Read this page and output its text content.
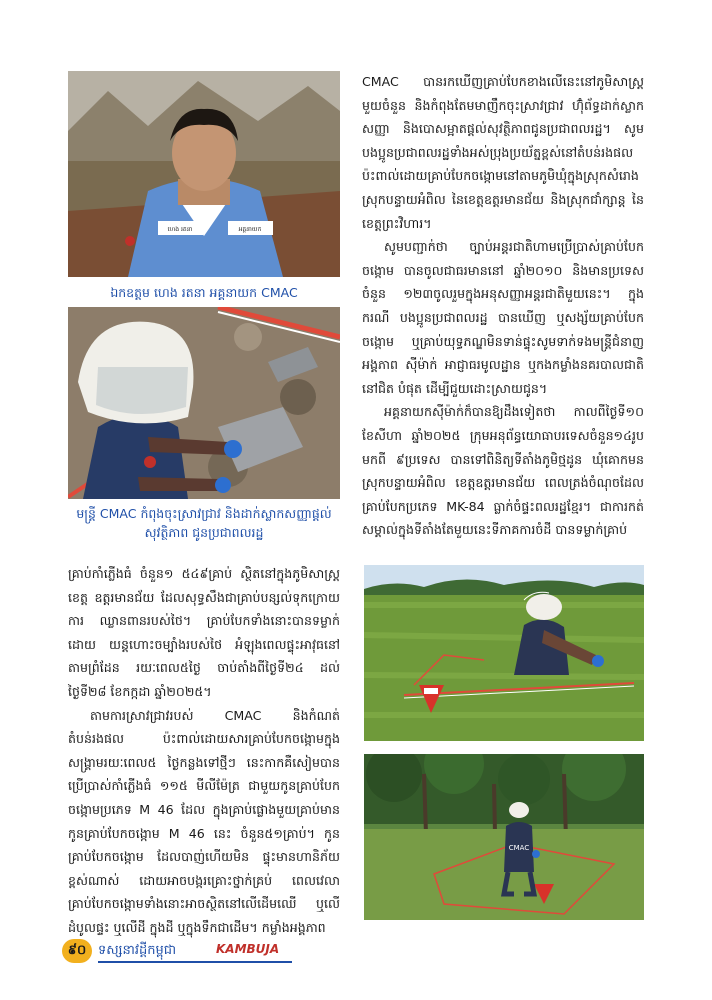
ហេង រតនា	អគ្គនាយក
ឯកឧត្តម ហេង រតនា អគ្គនាយក CMAC
មន្ត្រី CMAC កំពុងចុះស្រាវជ្រាវ និងដាក់ស្លាកសញ្ញាផ្តល់
សុវត្ថិភាព ជូនប្រជាពលរដ្ឋ

CMAC បានរកឃើញគ្រាប់បែកខាងលើនេះនៅភូមិសាស្ត្រ មួយចំនួន និងកំពុងតែមមាញឹកចុះស្រាវជ្រាវ ហ៊ុំព័ទ្ធដាក់ស្លាក សញ្ញា និងបោសម្អាតផ្តល់សុវត្ថិភាពជូនប្រជាពលរដ្ឋ។ សូម បងប្អូនប្រជាពលរដ្ឋទាំងអស់ប្រុងប្រយ័ត្នខ្ពស់នៅតំបន់រងផល ប៉ះពាល់ដោយគ្រាប់បែកចង្កោមនៅតាមភូមិឃុំក្នុងស្រុកសំរោង ស្រុកបន្ទាយអំពិល នៃខេត្តឧត្តរមានជ័យ និងស្រុកជាំក្សាន្ត នៃខេត្តព្រះវិហារ។

សូមបញ្ជាក់ថា ច្បាប់អន្តរជាតិហាមប្រើប្រាស់គ្រាប់បែក ចង្កោម បានចូលជាធរមាននៅ ឆ្នាំ២០១០ និងមានប្រទេស ចំនួន ១២៣ចូលរួមក្នុងអនុសញ្ញាអន្តរជាតិមួយនេះ។ ក្នុងករណី បងប្អូនប្រជាពលរដ្ឋ បានឃើញ ឬសង្ស័យគ្រាប់បែកចង្កោម ឬគ្រាប់យុទ្ធភណ្ឌមិនទាន់ផ្ទុះសូមទាក់ទងមន្ត្រីជំនាញអង្គភាព ស៊ីម៉ាក់ អាជ្ញាធរមូលដ្ឋាន ឬកងកម្លាំងនគរបាលជាតិនៅជិត បំផុត ដើម្បីជួយដោះស្រាយជូន។

អគ្គនាយកស៊ីម៉ាក់ក៏បានឱ្យដឹងទៀតថា កាលពីថ្ងៃទី១០ ខែសីហា ឆ្នាំ២០២៥ ក្រុមអនុព័ន្ធយោធាបរទេសចំនួន១៤រូប មកពី ៩ប្រទេស បានទៅពិនិត្យទីតាំងភូមិថ្មដូន ឃុំគោកមន ស្រុកបន្ទាយអំពិល ខេត្តឧត្តរមានជ័យ ពេលត្រង់ចំណុចដែល គ្រាប់បែកប្រភេទ MK-84 ធ្លាក់ចំផ្ទះពលរដ្ឋខ្មែរ។ ជាការកត់ សម្គាល់ក្នុងទីតាំងតែមួយនេះទីភាគការចំដី បានទម្លាក់គ្រាប់

CMAC

គ្រាប់កាំភ្លើងធំ ចំនួន១ ៥៤៩គ្រាប់ ស្ថិតនៅក្នុងភូមិសាស្ត្រខេត្ត ឧត្តរមានជ័យ ដែលសុទ្ធសឹងជាគ្រាប់បន្សល់ទុកក្រោយការ ឈ្លានពានរបស់ថៃ។ គ្រាប់បែកទាំងនោះបានទម្លាក់ដោយ យន្តហោះចម្បាំងរបស់ថៃ អំឡុងពេលផ្ទុះអាវុធនៅតាមព្រំដែន រយៈពេល៥ថ្ងៃ ចាប់តាំងពីថ្ងៃទី២៤ ដល់ថ្ងៃទី២៨ ខែកក្កដា ឆ្នាំ២០២៥។

តាមការស្រាវជ្រាវរបស់ CMAC និងកំណត់តំបន់រងផល ប៉ះពាល់ដោយសារគ្រាប់បែកចង្កោមក្នុងសង្គ្រាមរយៈពេល៥ ថ្ងៃកន្លងទៅថ្មីៗ នេះកាកគឺសៀមបានប្រើប្រាស់កាំភ្លើងធំ ១១៥ មីលីម៉ែត្រ ជាមួយកូនគ្រាប់បែកចង្កោមប្រភេទ M 46 ដែល ក្នុងគ្រាប់ផ្លោងមួយគ្រាប់មានកូនគ្រាប់បែកចង្កោម M 46 នេះ ចំនួន៥១គ្រាប់។ កូនគ្រាប់បែកចង្កោម ដែលបាញ់ហើយមិន ផ្ទុះមានហានិភ័យខ្ពស់ណាស់ ដោយអាចបង្ករគ្រោះថ្នាក់គ្រប់ ពេលវេលា គ្រាប់បែកចង្កោមទាំងនោះអាចស្ថិតនៅលើដើមឈើ ឬលើដំបូលផ្ទះ ឬលើដី ក្នុងដី ឬក្នុងទឹកជាដើម។ កម្លាំងអង្គភាព

៩០ ទស្សនាវដ្តីកម្ពុជា	KAMBUJA
